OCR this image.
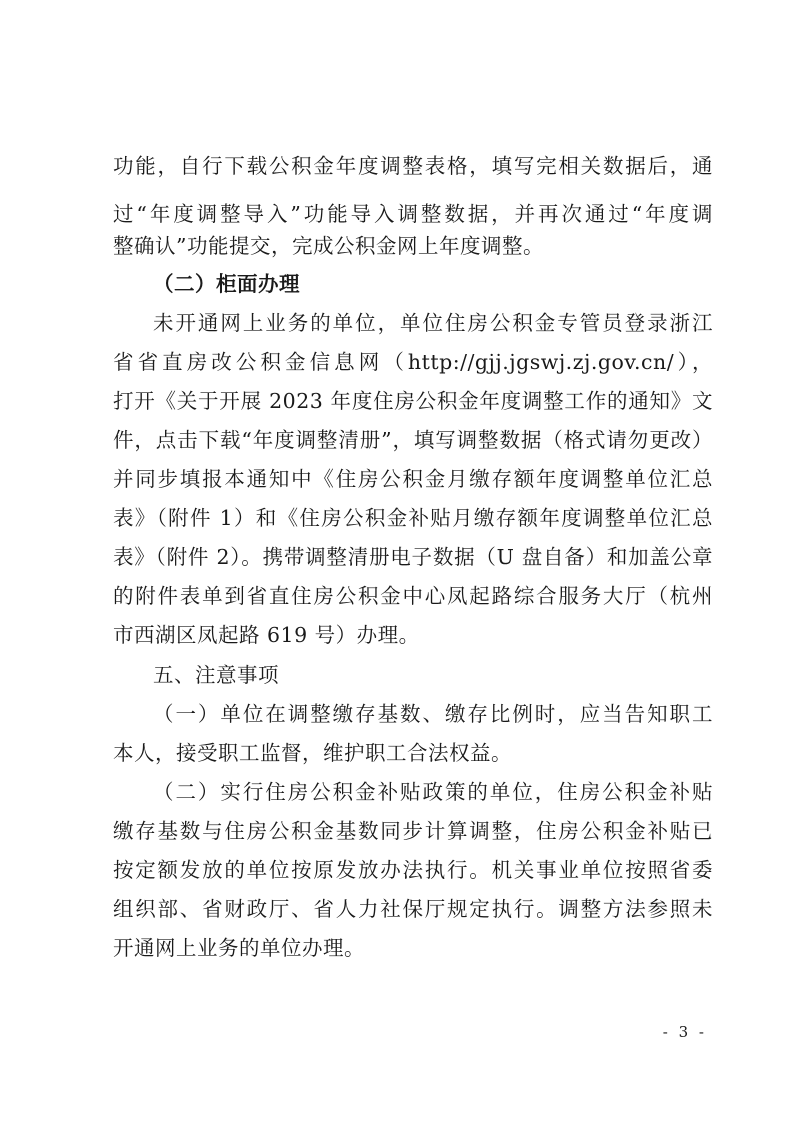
功能，自行下载公积金年度调整表格，填写完相关数据后，通
过“年度调整导入”功能导入调整数据，并再次通过“年度调
整确认”功能提交，完成公积金网上年度调整。
（二）柜面办理
未开通网上业务的单位，单位住房公积金专管员登录浙江
省省直房改公积金信息网（http://gjj.jgswj.zj.gov.cn/），
打开《关于开展 2023 年度住房公积金年度调整工作的通知》文
件，点击下载“年度调整清册”，填写调整数据（格式请勿更改）
并同步填报本通知中《住房公积金月缴存额年度调整单位汇总
表》（附件 1）和《住房公积金补贴月缴存额年度调整单位汇总
表》（附件 2）。携带调整清册电子数据（U 盘自备）和加盖公章
的附件表单到省直住房公积金中心凤起路综合服务大厅（杭州
市西湖区凤起路 619 号）办理。
五、注意事项
（一）单位在调整缴存基数、缴存比例时，应当告知职工
本人，接受职工监督，维护职工合法权益。
（二）实行住房公积金补贴政策的单位，住房公积金补贴
缴存基数与住房公积金基数同步计算调整，住房公积金补贴已
按定额发放的单位按原发放办法执行。机关事业单位按照省委
组织部、省财政厅、省人力社保厅规定执行。调整方法参照未
开通网上业务的单位办理。
- 3 -
